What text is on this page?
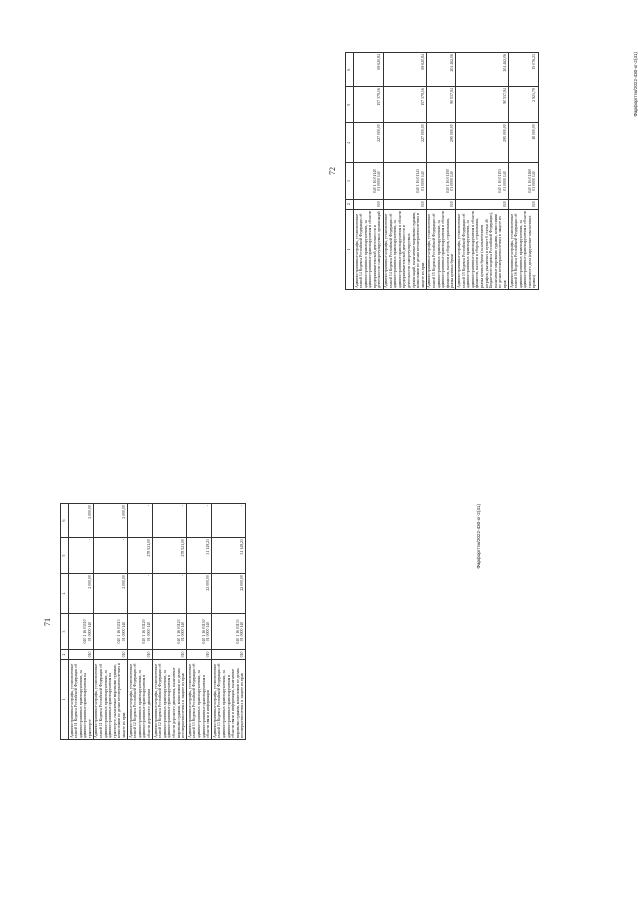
71
1	2	3	4	5	6
Административные штрафы, установленные главой 11 Кодекса Российской Федерации об административных правонарушениях, за административные правонарушения на транспорте	010	040 1 16 01110 01 0000 140	2 000,00	-	2 000,00
Административные штрафы, установленные главой 11 Кодекса Российской Федерации об административных правонарушениях, за административные правонарушения на транспорте, налагаемые мировыми судьями, комиссиями по делам несовершеннолетних и защите их прав	010	040 1 16 01113 01 0000 140	2 000,00	-	2 000,00
Административные штрафы, установленные главой 12 Кодекса Российской Федерации об административных правонарушениях, за административные правонарушения в области дорожного движения	010	040 1 16 01120 01 0000 140	-	278 521,00	-
Административные штрафы, установленные главой 12 Кодекса Российской Федерации об административных правонарушениях, за административные правонарушения в области дорожного движения, налагаемые мировыми судьями, комиссиями по делам несовершеннолетних и защите их прав	010	040 1 16 01123 01 0000 140	-	278 521,00	-
Административные штрафы, установленные главой 13 Кодекса Российской Федерации об административных правонарушениях, за административные правонарушения в области связи и информации	010	040 1 16 01130 01 0000 140	22 000,00	31 149,23	-
Административные штрафы, установленные главой 13 Кодекса Российской Федерации об административных правонарушениях, за административные правонарушения в области связи и информации, налагаемые мировыми судьями, комиссиями по делам несовершеннолетних и защите их прав	010	040 1 16 01133 01 0000 140	22 000,00	31 149,23	-	Фарфоргтгм/2022-430-хг-2(41)
72
1	2	3	4	5	6
Административные штрафы, установленные главой 14 Кодекса Российской Федерации об административных правонарушениях, за административные правонарушения в области предпринимательской деятельности и деятельности саморегулируемых организаций	010	040 1 16 01140 01 0000 140	227 000,00	157 379,16	69 620,84
Административные штрафы, установленные главой 14 Кодекса Российской Федерации об административных правонарушениях, за административные правонарушения в области предпринимательской деятельности и деятельности саморегулируемых организаций, налагаемые мировыми судьями, комиссиями по делам несовершеннолетних и защите их прав	010	040 1 16 01143 01 0000 140	227 000,00	157 379,16	69 620,84
Административные штрафы, установленные главой 15 Кодекса Российской Федерации об административных правонарушениях, за административные правонарушения в области финансов, налогов и сборов, страхования, рынка ценных бумаг	010	040 1 16 01150 01 0000 140	295 000,00	90 537,94	204 462,06
Административные штрафы, установленные главой 15 Кодекса Российской Федерации об административных правонарушениях, за административные правонарушения в области финансов, налогов и сборов, страхования, рынка ценных бумаг (за исключением штрафов, указанных в пункте 6 статьи 46 Бюджетного кодекса Российской Федерации), налагаемые мировыми судьями, комиссиями по делам несовершеннолетних и защите их прав	010	040 1 16 01153 01 0000 140	295 000,00	90 537,94	204 462,06
Административные штрафы, установленные главой 16 Кодекса Российской Федерации об административных правонарушениях, за административные правонарушения в области таможенного дела (нарушение таможенных правил)	010	040 1 16 01160 01 0000 140	18 000,00	2 923,79	15 076,21	Фарфоргтгм/2022-430-хг-2(41)
